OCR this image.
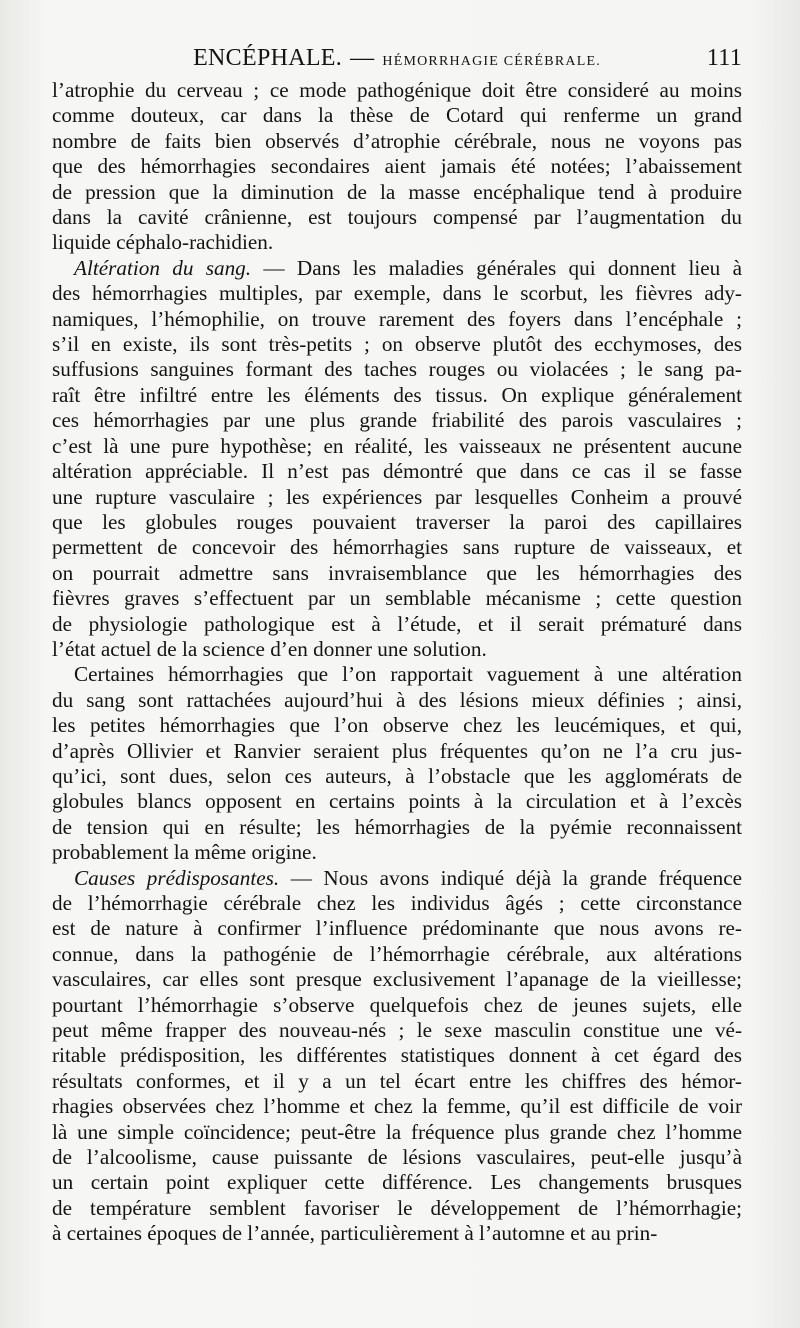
ENCÉPHALE. — HÉMORRHAGIE CÉRÉBRALE.	111

l’atrophie du cerveau ; ce mode pathogénique doit être consideré au moins
comme douteux, car dans la thèse de Cotard qui renferme un grand
nombre de faits bien observés d’atrophie cérébrale, nous ne voyons pas
que des hémorrhagies secondaires aient jamais été notées; l’abaissement
de pression que la diminution de la masse encéphalique tend à produire
dans la cavité crânienne, est toujours compensé par l’augmentation du
liquide céphalo-rachidien.

Altération du sang. — Dans les maladies générales qui donnent lieu à
des hémorrhagies multiples, par exemple, dans le scorbut, les fièvres ady-
namiques, l’hémophilie, on trouve rarement des foyers dans l’encéphale ;
s’il en existe, ils sont très-petits ; on observe plutôt des ecchymoses, des
suffusions sanguines formant des taches rouges ou violacées ; le sang pa-
raît être infiltré entre les éléments des tissus. On explique généralement
ces hémorrhagies par une plus grande friabilité des parois vasculaires ;
c’est là une pure hypothèse; en réalité, les vaisseaux ne présentent aucune
altération appréciable. Il n’est pas démontré que dans ce cas il se fasse
une rupture vasculaire ; les expériences par lesquelles Conheim a prouvé
que les globules rouges pouvaient traverser la paroi des capillaires
permettent de concevoir des hémorrhagies sans rupture de vaisseaux, et
on pourrait admettre sans invraisemblance que les hémorrhagies des
fièvres graves s’effectuent par un semblable mécanisme ; cette question
de physiologie pathologique est à l’étude, et il serait prématuré dans
l’état actuel de la science d’en donner une solution.

Certaines hémorrhagies que l’on rapportait vaguement à une altération
du sang sont rattachées aujourd’hui à des lésions mieux définies ; ainsi,
les petites hémorrhagies que l’on observe chez les leucémiques, et qui,
d’après Ollivier et Ranvier seraient plus fréquentes qu’on ne l’a cru jus-
qu’ici, sont dues, selon ces auteurs, à l’obstacle que les agglomérats de
globules blancs opposent en certains points à la circulation et à l’excès
de tension qui en résulte; les hémorrhagies de la pyémie reconnaissent
probablement la même origine.

Causes prédisposantes. — Nous avons indiqué déjà la grande fréquence
de l’hémorrhagie cérébrale chez les individus âgés ; cette circonstance
est de nature à confirmer l’influence prédominante que nous avons re-
connue, dans la pathogénie de l’hémorrhagie cérébrale, aux altérations
vasculaires, car elles sont presque exclusivement l’apanage de la vieillesse;
pourtant l’hémorrhagie s’observe quelquefois chez de jeunes sujets, elle
peut même frapper des nouveau-nés ; le sexe masculin constitue une vé-
ritable prédisposition, les différentes statistiques donnent à cet égard des
résultats conformes, et il y a un tel écart entre les chiffres des hémor-
rhagies observées chez l’homme et chez la femme, qu’il est difficile de voir
là une simple coïncidence; peut-être la fréquence plus grande chez l’homme
de l’alcoolisme, cause puissante de lésions vasculaires, peut-elle jusqu’à
un certain point expliquer cette différence. Les changements brusques
de température semblent favoriser le développement de l’hémorrhagie;
à certaines époques de l’année, particulièrement à l’automne et au prin-
